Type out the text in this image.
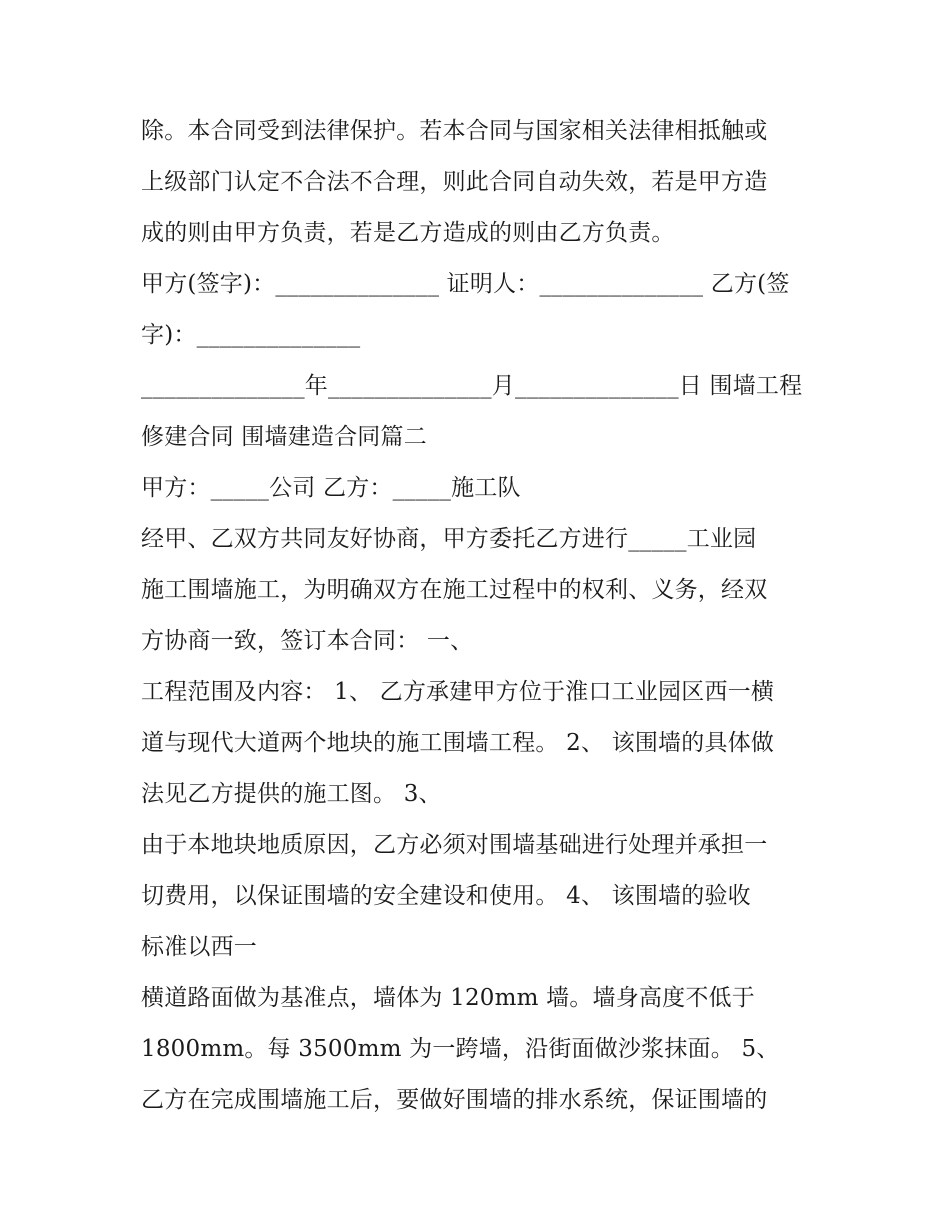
除。本合同受到法律保护。若本合同与国家相关法律相抵触或
上级部门认定不合法不合理，则此合同自动失效，若是甲方造
成的则由甲方负责，若是乙方造成的则由乙方负责。
甲方(签字)：______________ 证明人：______________ 乙方(签
字)：______________
______________年______________月______________日 围墙工程
修建合同 围墙建造合同篇二
甲方：_____公司 乙方：_____施工队
经甲、乙双方共同友好协商，甲方委托乙方进行_____工业园
施工围墙施工，为明确双方在施工过程中的权利、义务，经双
方协商一致，签订本合同： 一、
工程范围及内容： 1、 乙方承建甲方位于淮口工业园区西一横
道与现代大道两个地块的施工围墙工程。 2、 该围墙的具体做
法见乙方提供的施工图。 3、
由于本地块地质原因，乙方必须对围墙基础进行处理并承担一
切费用，以保证围墙的安全建设和使用。 4、 该围墙的验收
标准以西一
横道路面做为基准点，墙体为 120mm 墙。墙身高度不低于
1800mm。每 3500mm 为一跨墙，沿街面做沙浆抹面。 5、
乙方在完成围墙施工后，要做好围墙的排水系统，保证围墙的
